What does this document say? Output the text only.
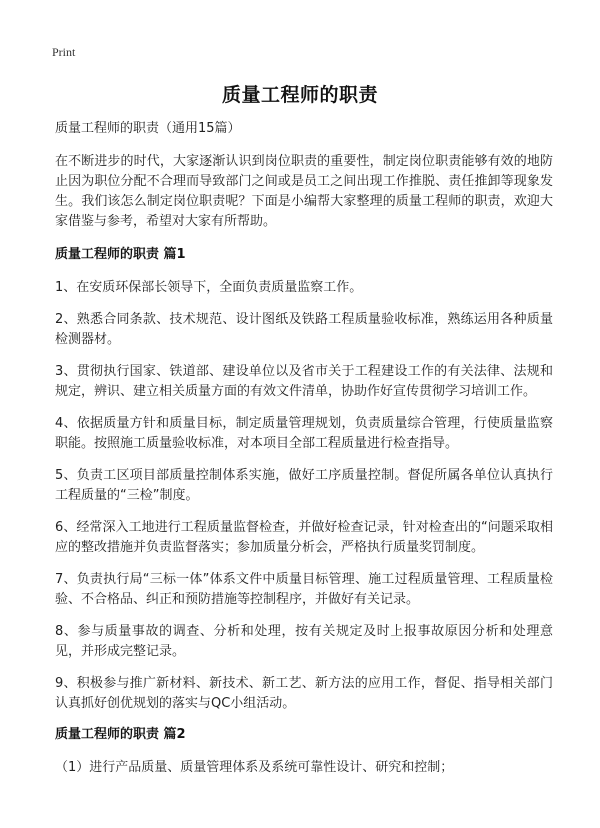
Print
质量工程师的职责
质量工程师的职责（通用15篇）
在不断进步的时代，大家逐渐认识到岗位职责的重要性，制定岗位职责能够有效的地防止因为职位分配不合理而导致部门之间或是员工之间出现工作推脱、责任推卸等现象发生。我们该怎么制定岗位职责呢？下面是小编帮大家整理的质量工程师的职责，欢迎大家借鉴与参考，希望对大家有所帮助。
质量工程师的职责 篇1
1、在安质环保部长领导下，全面负责质量监察工作。
2、熟悉合同条款、技术规范、设计图纸及铁路工程质量验收标准，熟练运用各种质量检测器材。
3、贯彻执行国家、铁道部、建设单位以及省市关于工程建设工作的有关法律、法规和规定，辨识、建立相关质量方面的有效文件清单，协助作好宣传贯彻学习培训工作。
4、依据质量方针和质量目标，制定质量管理规划，负责质量综合管理，行使质量监察职能。按照施工质量验收标准，对本项目全部工程质量进行检查指导。
5、负责工区项目部质量控制体系实施，做好工序质量控制。督促所属各单位认真执行工程质量的“三检”制度。
6、经常深入工地进行工程质量监督检查，并做好检查记录，针对检查出的“问题采取相应的整改措施并负责监督落实；参加质量分析会，严格执行质量奖罚制度。
7、负责执行局“三标一体”体系文件中质量目标管理、施工过程质量管理、工程质量检验、不合格品、纠正和预防措施等控制程序，并做好有关记录。
8、参与质量事故的调查、分析和处理，按有关规定及时上报事故原因分析和处理意见，并形成完整记录。
9、积极参与推广新材料、新技术、新工艺、新方法的应用工作，督促、指导相关部门认真抓好创优规划的落实与QC小组活动。
质量工程师的职责 篇2
（1）进行产品质量、质量管理体系及系统可靠性设计、研究和控制；
